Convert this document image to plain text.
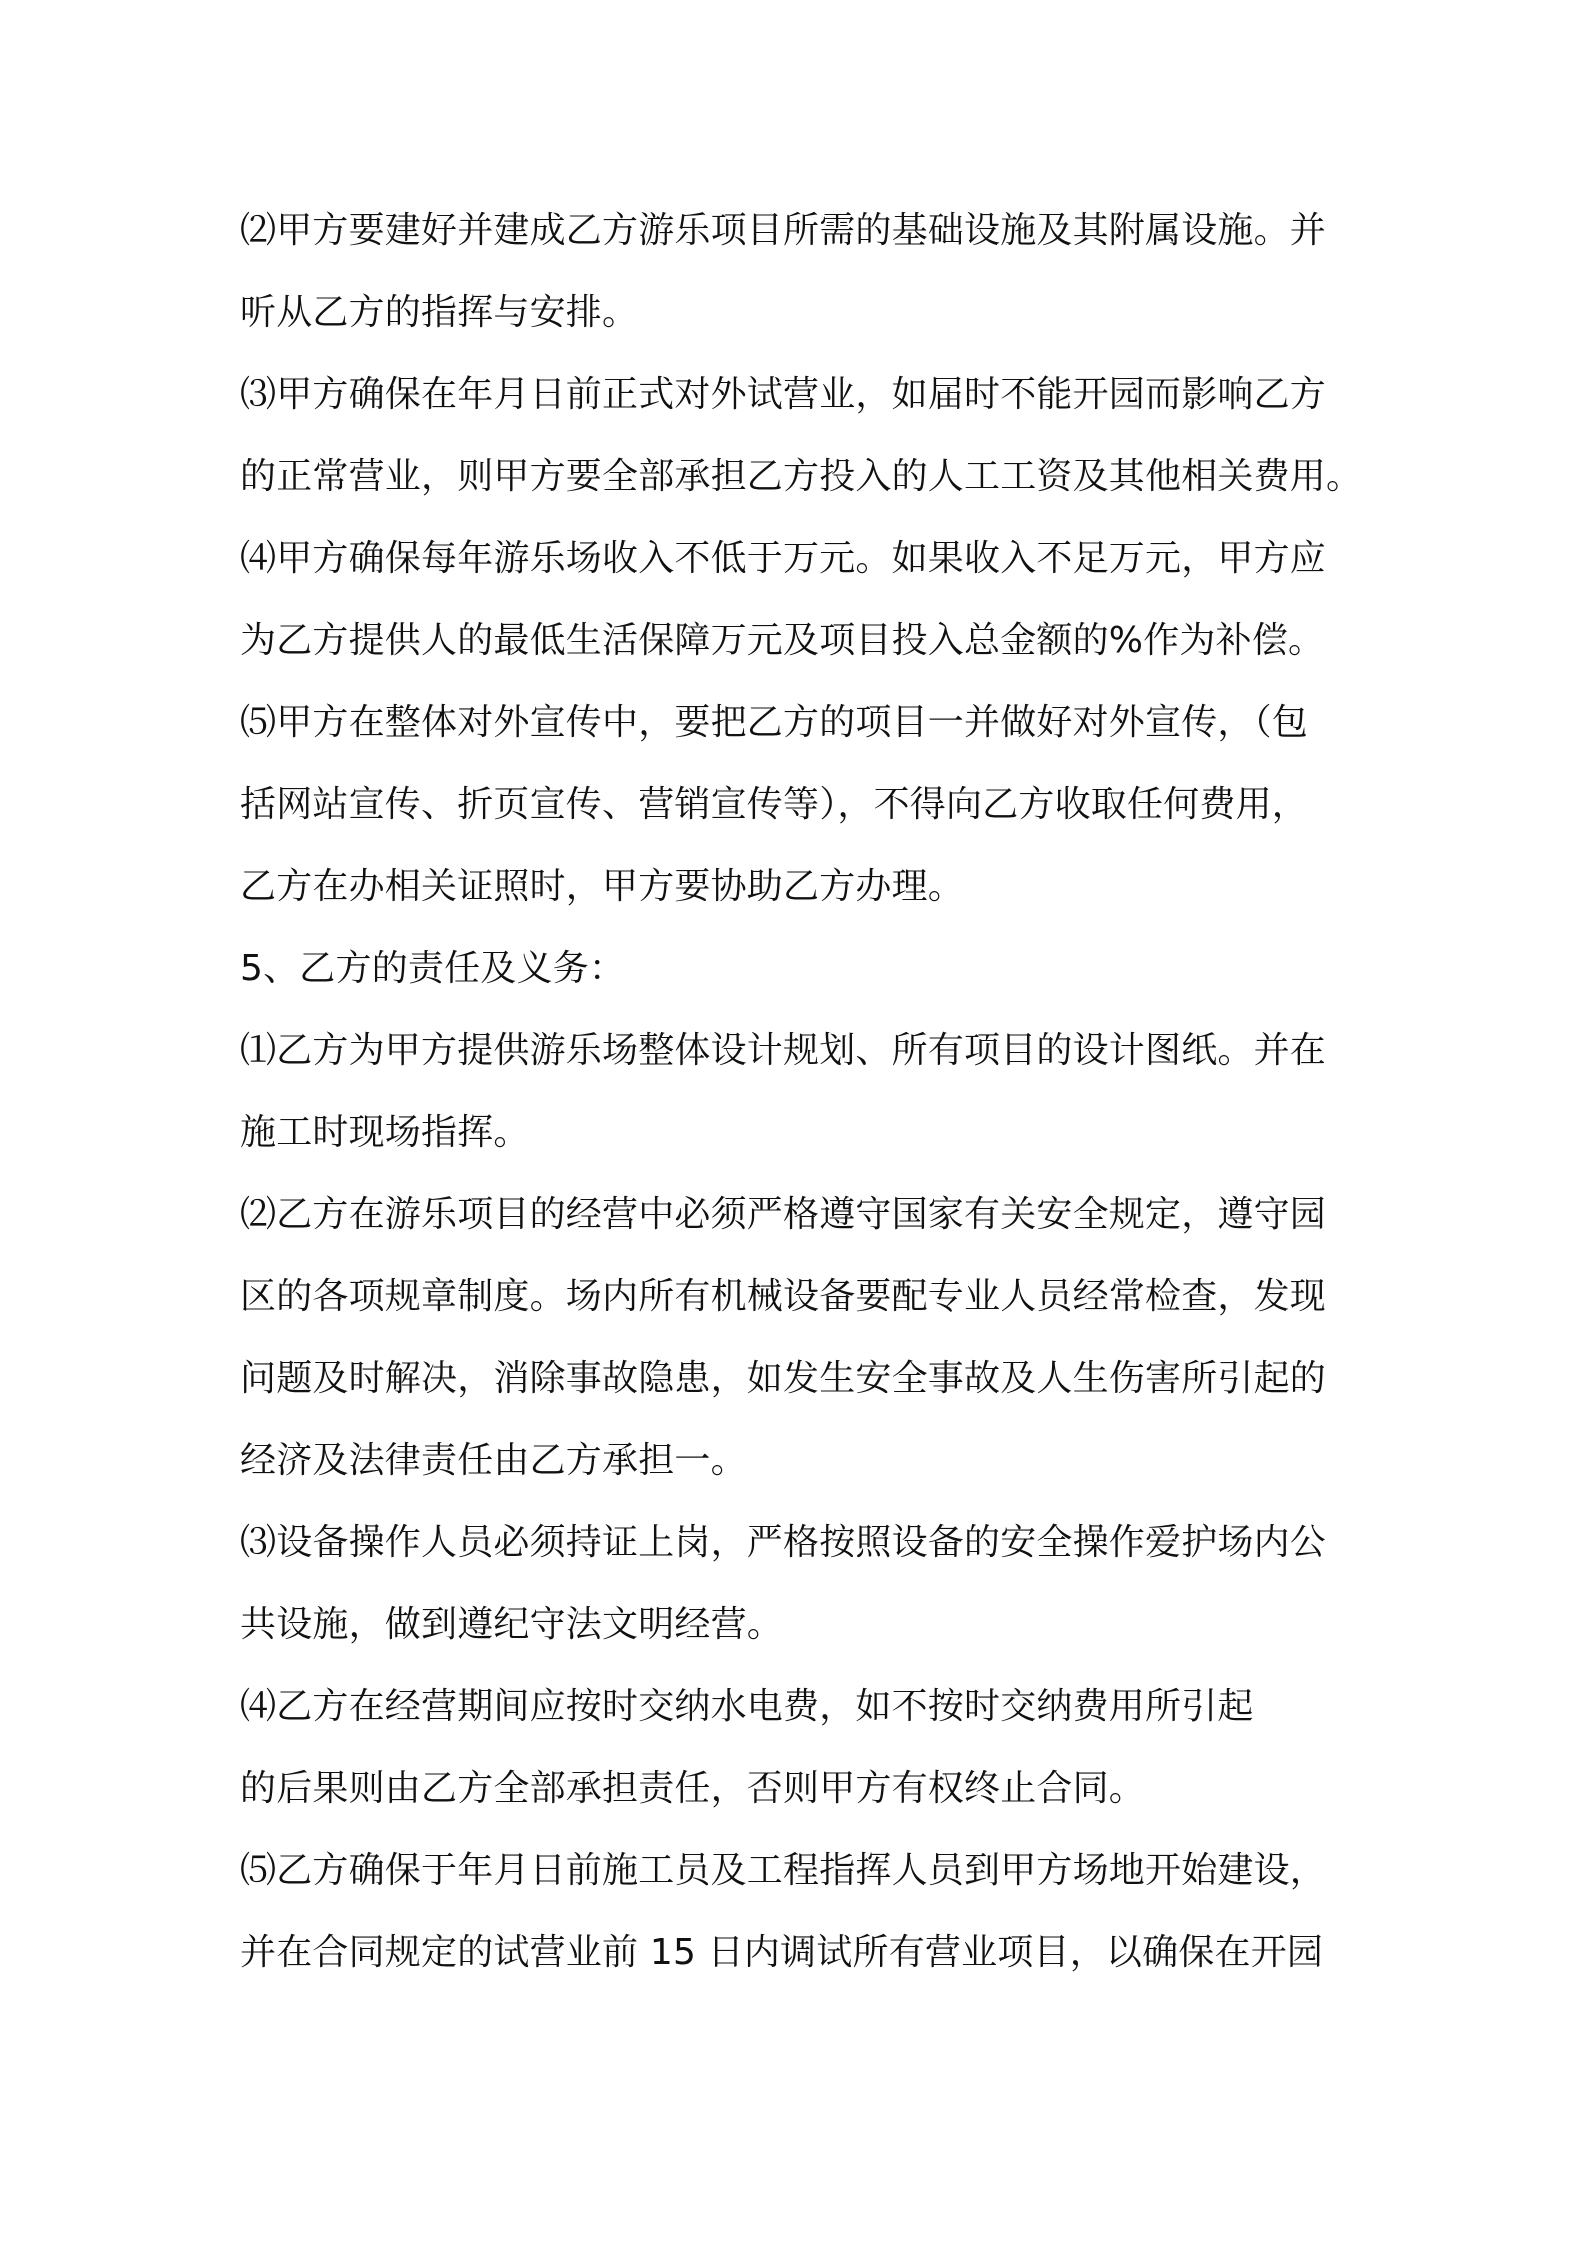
⑵甲方要建好并建成乙方游乐项目所需的基础设施及其附属设施。并

听从乙方的指挥与安排。

⑶甲方确保在年月日前正式对外试营业，如届时不能开园而影响乙方

的正常营业，则甲方要全部承担乙方投入的人工工资及其他相关费用。

⑷甲方确保每年游乐场收入不低于万元。如果收入不足万元，甲方应

为乙方提供人的最低生活保障万元及项目投入总金额的%作为补偿。

⑸甲方在整体对外宣传中，要把乙方的项目一并做好对外宣传，（包

括网站宣传、折页宣传、营销宣传等），不得向乙方收取任何费用，

乙方在办相关证照时，甲方要协助乙方办理。

5、乙方的责任及义务：

⑴乙方为甲方提供游乐场整体设计规划、所有项目的设计图纸。并在

施工时现场指挥。

⑵乙方在游乐项目的经营中必须严格遵守国家有关安全规定，遵守园

区的各项规章制度。场内所有机械设备要配专业人员经常检查，发现

问题及时解决，消除事故隐患，如发生安全事故及人生伤害所引起的

经济及法律责任由乙方承担一。

⑶设备操作人员必须持证上岗，严格按照设备的安全操作爱护场内公

共设施，做到遵纪守法文明经营。

⑷乙方在经营期间应按时交纳水电费，如不按时交纳费用所引起

的后果则由乙方全部承担责任，否则甲方有权终止合同。

⑸乙方确保于年月日前施工员及工程指挥人员到甲方场地开始建设，

并在合同规定的试营业前 15 日内调试所有营业项目，以确保在开园
